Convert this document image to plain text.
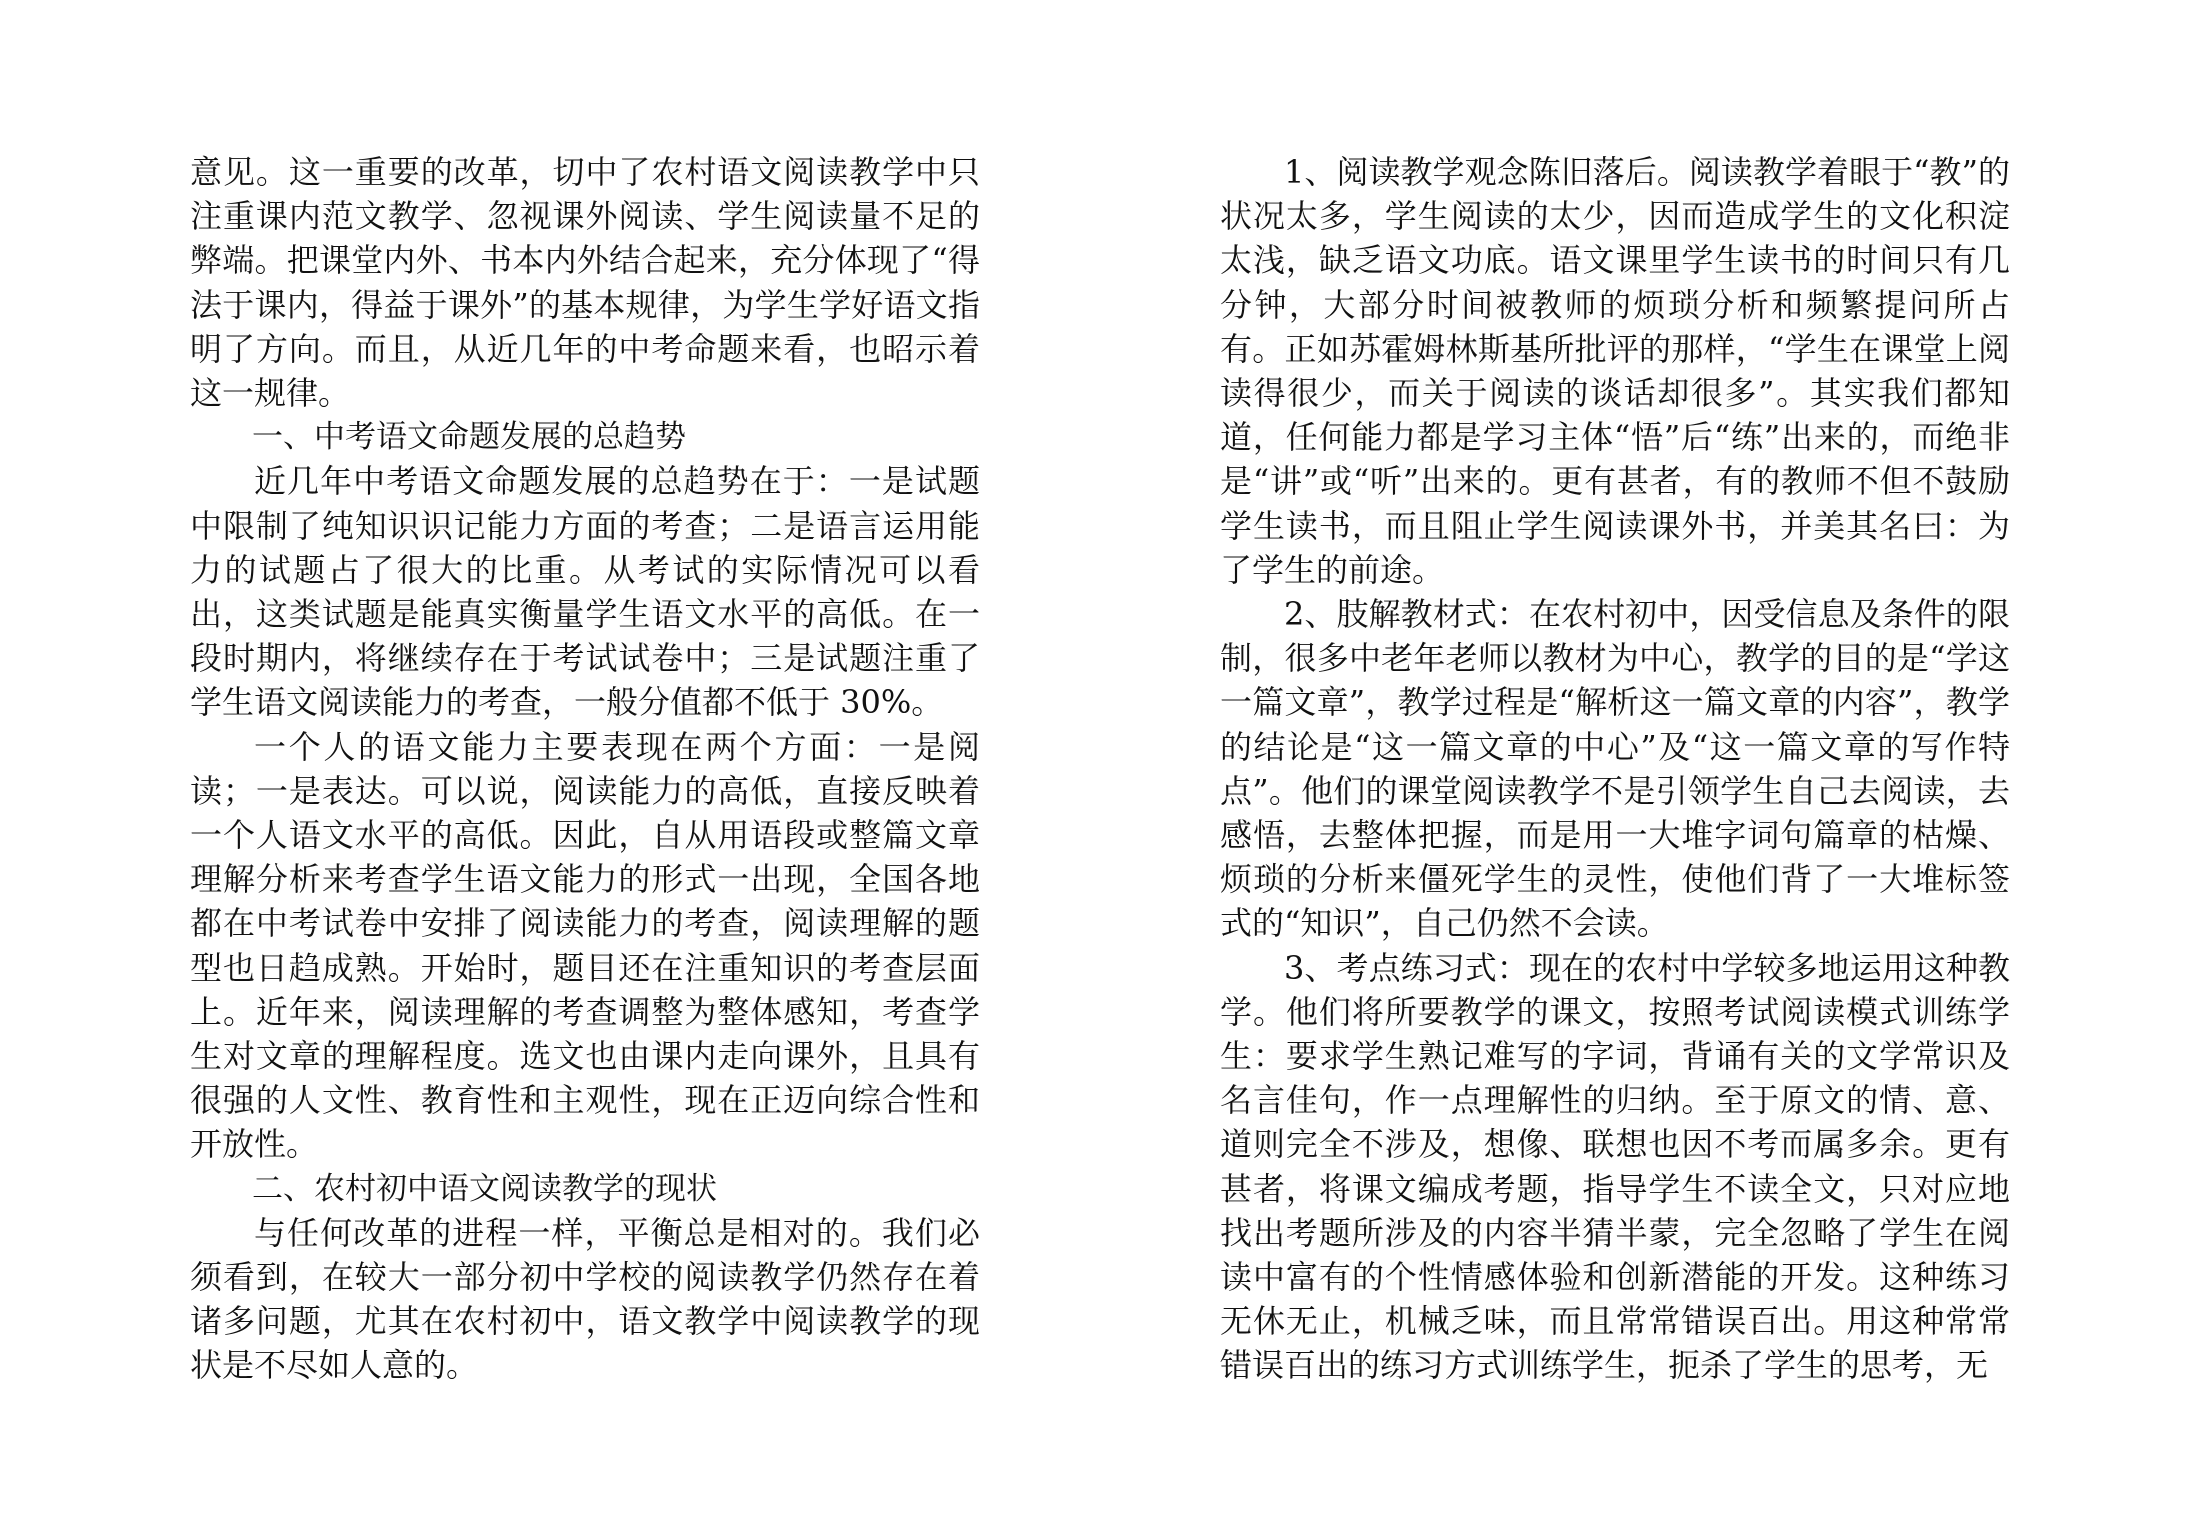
意见。这一重要的改革，切中了农村语文阅读教学中只注重课内范文教学、忽视课外阅读、学生阅读量不足的弊端。把课堂内外、书本内外结合起来，充分体现了“得法于课内，得益于课外”的基本规律，为学生学好语文指明了方向。而且，从近几年的中考命题来看，也昭示着这一规律。

一、中考语文命题发展的总趋势

近几年中考语文命题发展的总趋势在于：一是试题中限制了纯知识识记能力方面的考查；二是语言运用能力的试题占了很大的比重。从考试的实际情况可以看出，这类试题是能真实衡量学生语文水平的高低。在一段时期内，将继续存在于考试试卷中；三是试题注重了学生语文阅读能力的考查，一般分值都不低于 30%。

一个人的语文能力主要表现在两个方面：一是阅读；一是表达。可以说，阅读能力的高低，直接反映着一个人语文水平的高低。因此，自从用语段或整篇文章理解分析来考查学生语文能力的形式一出现，全国各地都在中考试卷中安排了阅读能力的考查，阅读理解的题型也日趋成熟。开始时，题目还在注重知识的考查层面上。近年来，阅读理解的考查调整为整体感知，考查学生对文章的理解程度。选文也由课内走向课外，且具有很强的人文性、教育性和主观性，现在正迈向综合性和开放性。

二、农村初中语文阅读教学的现状

与任何改革的进程一样，平衡总是相对的。我们必须看到，在较大一部分初中学校的阅读教学仍然存在着诸多问题，尤其在农村初中，语文教学中阅读教学的现状是不尽如人意的。

1、阅读教学观念陈旧落后。阅读教学着眼于“教”的状况太多，学生阅读的太少，因而造成学生的文化积淀太浅，缺乏语文功底。语文课里学生读书的时间只有几分钟，大部分时间被教师的烦琐分析和频繁提问所占有。正如苏霍姆林斯基所批评的那样，“学生在课堂上阅读得很少，而关于阅读的谈话却很多”。其实我们都知道，任何能力都是学习主体“悟”后“练”出来的，而绝非是“讲”或“听”出来的。更有甚者，有的教师不但不鼓励学生读书，而且阻止学生阅读课外书，并美其名曰：为了学生的前途。

2、肢解教材式：在农村初中，因受信息及条件的限制，很多中老年老师以教材为中心，教学的目的是“学这一篇文章”，教学过程是“解析这一篇文章的内容”，教学的结论是“这一篇文章的中心”及“这一篇文章的写作特点”。他们的课堂阅读教学不是引领学生自己去阅读，去感悟，去整体把握，而是用一大堆字词句篇章的枯燥、烦琐的分析来僵死学生的灵性，使他们背了一大堆标签式的“知识”，自己仍然不会读。

3、考点练习式：现在的农村中学较多地运用这种教学。他们将所要教学的课文，按照考试阅读模式训练学生：要求学生熟记难写的字词，背诵有关的文学常识及名言佳句，作一点理解性的归纳。至于原文的情、意、道则完全不涉及，想像、联想也因不考而属多余。更有甚者，将课文编成考题，指导学生不读全文，只对应地找出考题所涉及的内容半猜半蒙，完全忽略了学生在阅读中富有的个性情感体验和创新潜能的开发。这种练习无休无止，机械乏味，而且常常错误百出。用这种常常错误百出的练习方式训练学生，扼杀了学生的思考，无
